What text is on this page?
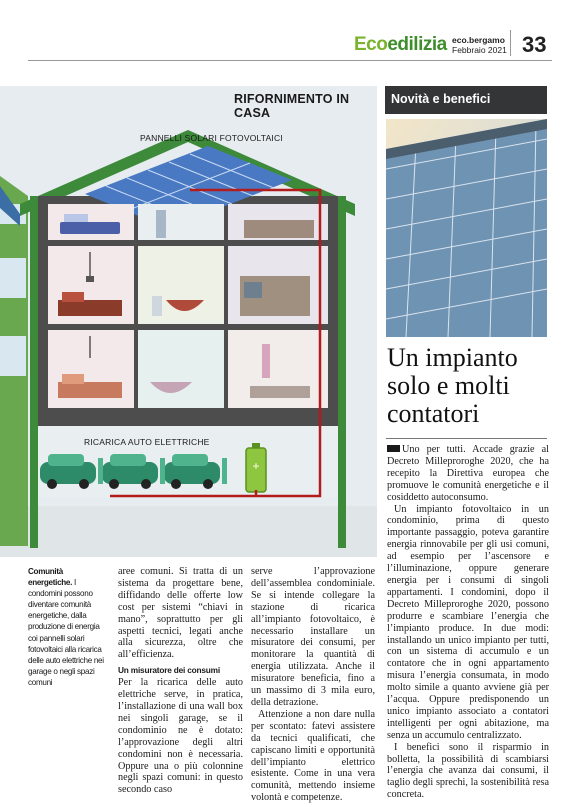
Ecoedilizia eco.bergamo
Febbraio 2021 33
+
RIFORNIMENTO IN CASA
PANNELLI SOLARI FOTOVOLTAICI
RICARICA AUTO ELETTRICHE
Novità e benefici
Un impianto solo e molti contatori

Uno per tutti. Accade grazie al Decreto Milleproroghe 2020, che ha recepito la Direttiva europea che promuove le comunità energetiche e il cosiddetto autoconsumo.

Un impianto fotovoltaico in un condominio, prima di questo importante passaggio, poteva garantire energia rinnovabile per gli usi comuni, ad esempio per l’ascensore e l’illuminazione, oppure generare energia per i consumi di singoli appartamenti. I condomini, dopo il Decreto Milleproroghe 2020, possono produrre e scambiare l’energia che l’impianto produce. In due modi: installando un unico impianto per tutti, con un sistema di accumulo e un contatore che in ogni appartamento misura l’energia consumata, in modo molto simile a quanto avviene già per l’acqua. Oppure predisponendo un unico impianto associato a contatori intelligenti per ogni abitazione, ma senza un accumulo centralizzato.

I benefici sono il risparmio in bolletta, la possibilità di scambiarsi l’energia che avanza dai consumi, il taglio degli sprechi, la sostenibilità resa concreta.

Comunità energetiche. I condomini possono diventare comunità energetiche, dalla produzione di energia coi pannelli solari fotovoltaici alla ricarica delle auto elettriche nei garage o negli spazi comuni

aree comuni. Si tratta di un sistema da progettare bene, diffidando delle offerte low cost per sistemi “chiavi in mano”, soprattutto per gli aspetti tecnici, legati anche alla sicurezza, oltre che all’efficienza.

Un misuratore dei consumi

Per la ricarica delle auto elettriche serve, in pratica, l’installazione di una wall box nei singoli garage, se il condominio ne è dotato: l’approvazione degli altri condomini non è necessaria. Oppure una o più colonnine negli spazi comuni: in questo secondo caso

serve l’approvazione dell’assemblea condominiale. Se si intende collegare la stazione di ricarica all’impianto fotovoltaico, è necessario installare un misuratore dei consumi, per monitorare la quantità di energia utilizzata. Anche il misuratore beneficia, fino a un massimo di 3 mila euro, della detrazione.

Attenzione a non dare nulla per scontato: fatevi assistere da tecnici qualificati, che capiscano limiti e opportunità dell’impianto elettrico esistente. Come in una vera comunità, mettendo insieme volontà e competenze.
